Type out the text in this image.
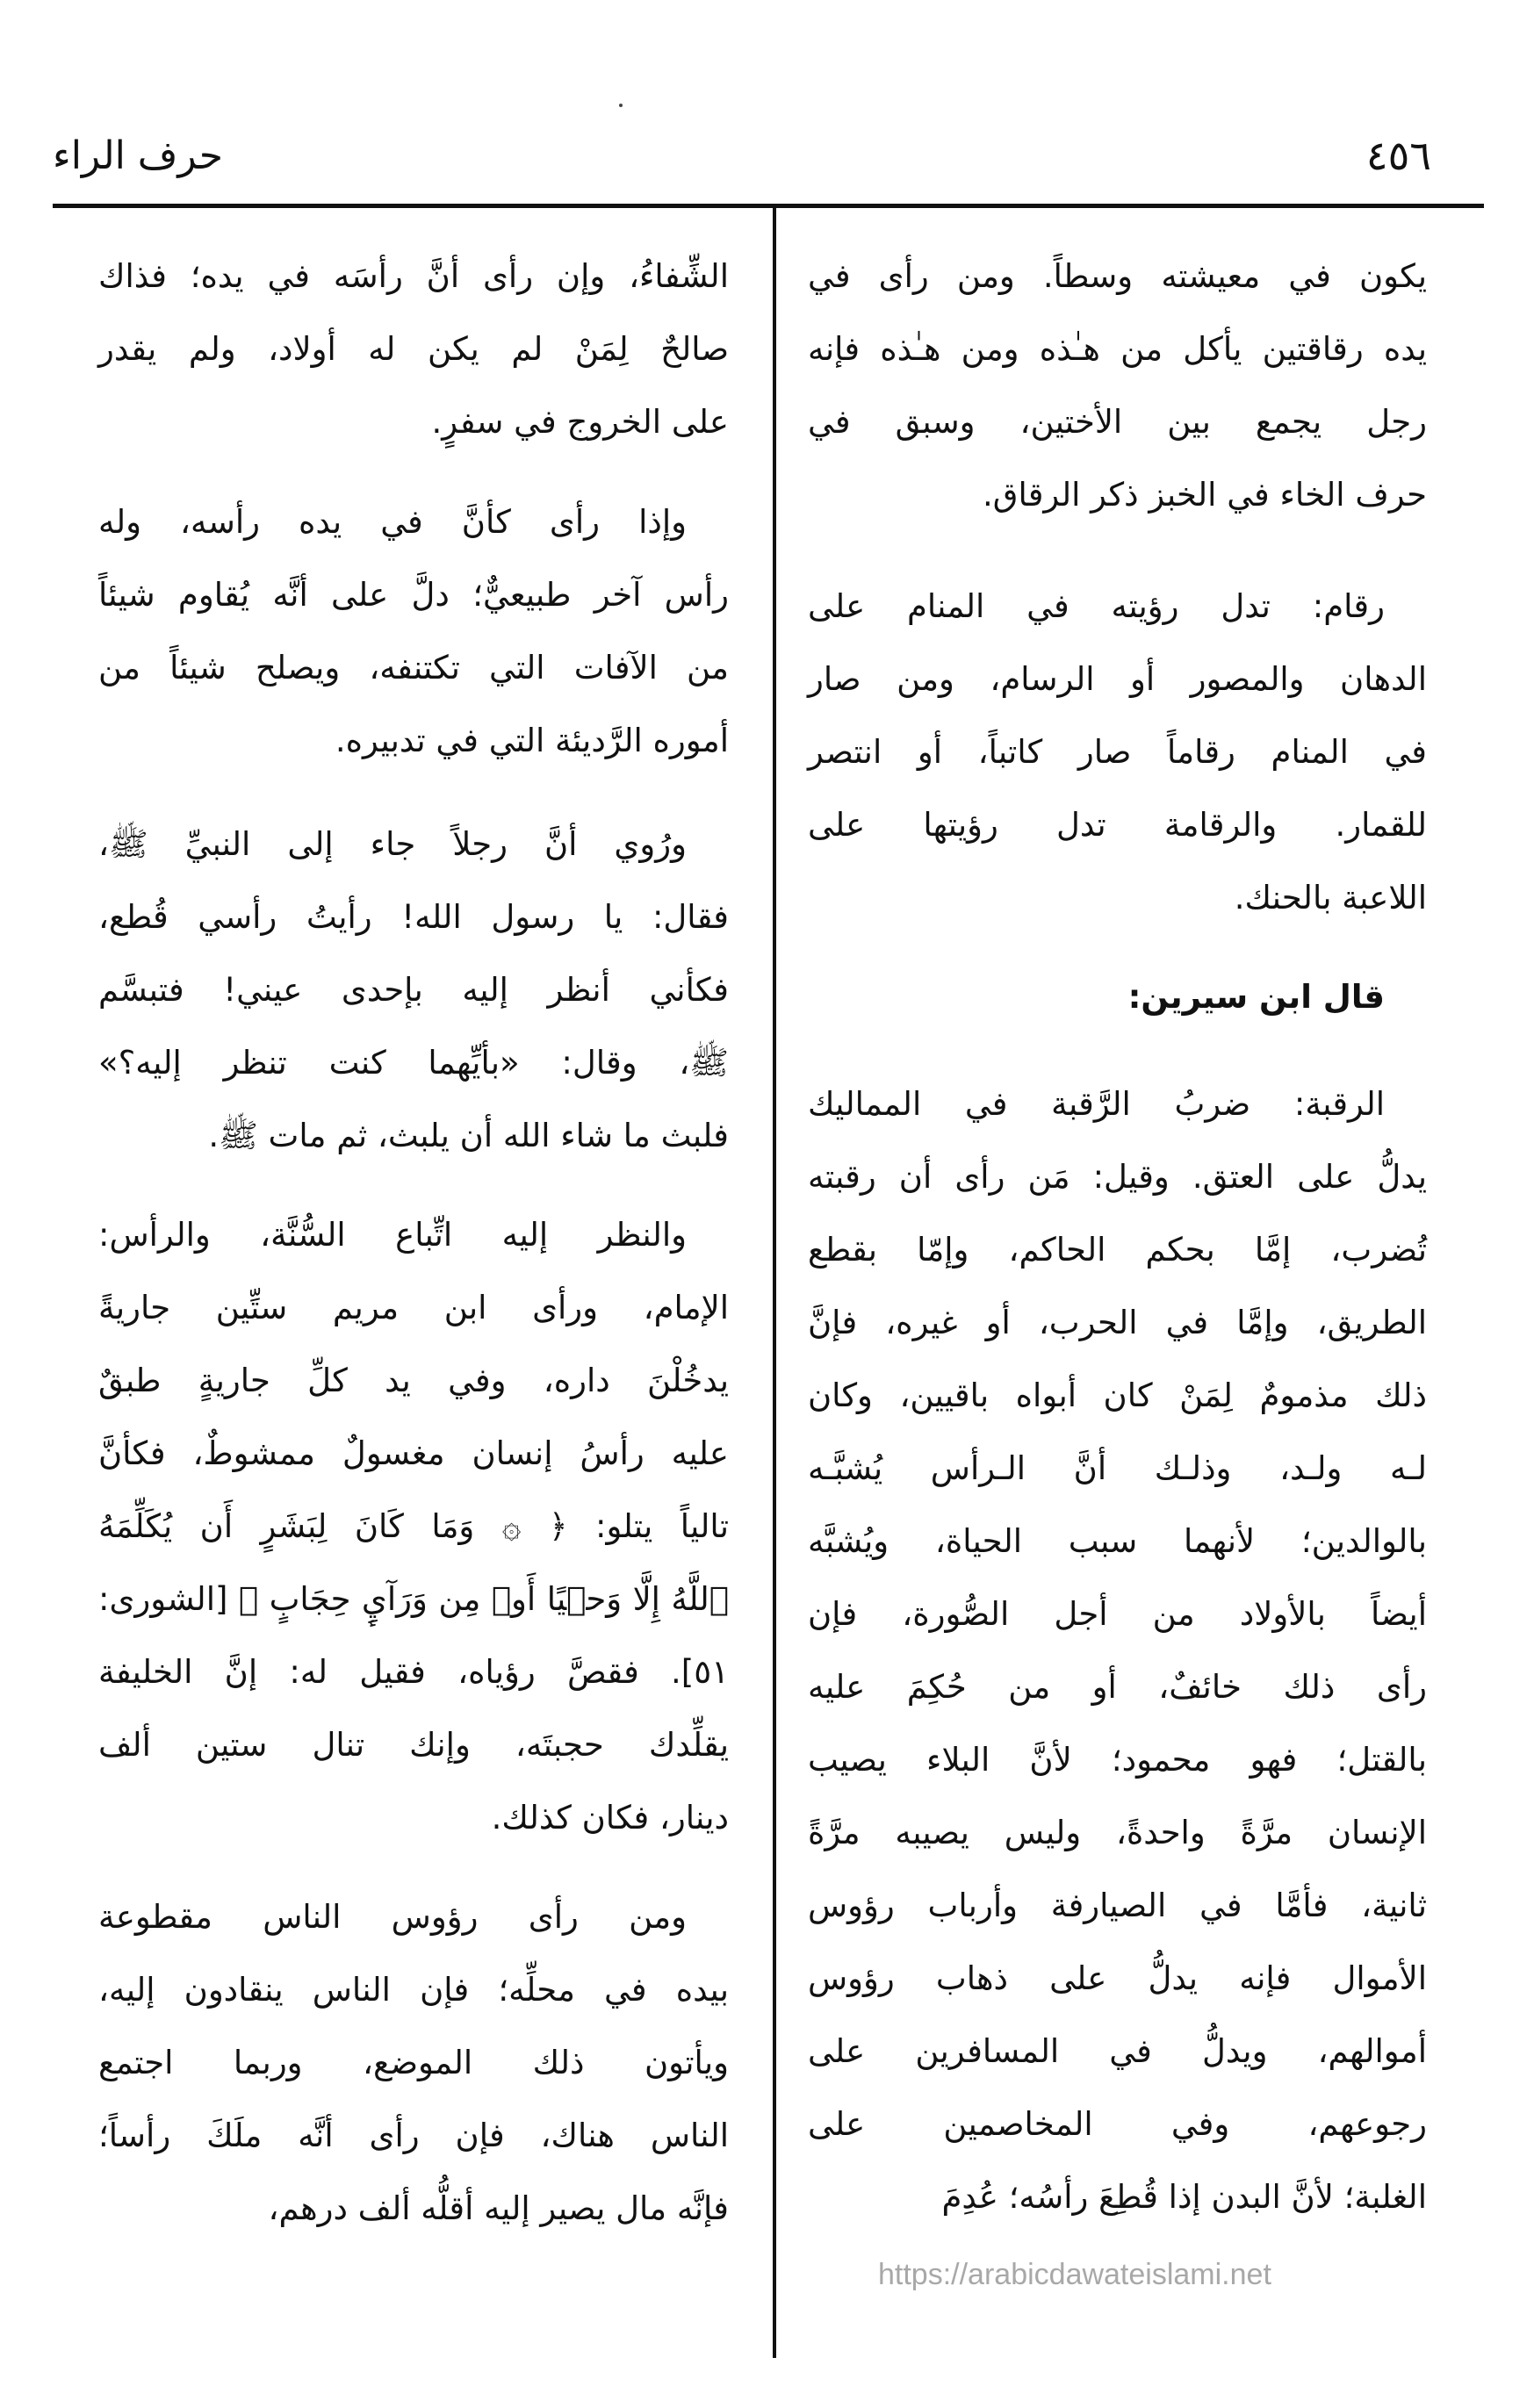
٤٥٦
حرف الراء
يكون في معيشته وسطاً. ومن رأى في
يده رقاقتين يأكل من هـٰذه ومن هـٰذه فإنه
رجل يجمع بين الأختين، وسبق في
حرف الخاء في الخبز ذكر الرقاق.
رقام: تدل رؤيته في المنام على
الدهان والمصور أو الرسام، ومن صار
في المنام رقاماً صار كاتباً، أو انتصر
للقمار. والرقامة تدل رؤيتها على
اللاعبة بالحنك.
قال ابن سيرين:
الرقبة: ضربُ الرَّقبة في المماليك
يدلُّ على العتق. وقيل: مَن رأى أن رقبته
تُضرب، إمَّا بحكم الحاكم، وإمّا بقطع
الطريق، وإمَّا في الحرب، أو غيره، فإنَّ
ذلك مذمومٌ لِمَنْ كان أبواه باقيين، وكان
لـه ولـد، وذلـك أنَّ الـرأس يُشبَّـه
بالوالدين؛ لأنهما سبب الحياة، ويُشبَّه
أيضاً بالأولاد من أجل الصُّورة، فإن
رأى ذلك خائفٌ، أو من حُكِمَ عليه
بالقتل؛ فهو محمود؛ لأنَّ البلاء يصيب
الإنسان مرَّةً واحدةً، وليس يصيبه مرَّةً
ثانية، فأمَّا في الصيارفة وأرباب رؤوس
الأموال فإنه يدلُّ على ذهاب رؤوس
أموالهم، ويدلُّ في المسافرين على
رجوعهم، وفي المخاصمين على
الغلبة؛ لأنَّ البدن إذا قُطِعَ رأسُه؛ عُدِمَ
الشِّفاءُ، وإن رأى أنَّ رأسَه في يده؛ فذاك
صالحٌ لِمَنْ لم يكن له أولاد، ولم يقدر
على الخروج في سفرٍ.
وإذا رأى كأنَّ في يده رأسه، وله
رأس آخر طبيعيٌّ؛ دلَّ على أنَّه يُقاوم شيئاً
من الآفات التي تكتنفه، ويصلح شيئاً من
أموره الرَّديئة التي في تدبيره.
ورُوي أنَّ رجلاً جاء إلى النبيِّ ﷺ،
فقال: يا رسول الله! رأيتُ رأسي قُطع،
فكأني أنظر إليه بإحدى عيني! فتبسَّم
ﷺ، وقال: «بأيِّهما كنت تنظر إليه؟»
فلبث ما شاء الله أن يلبث، ثم مات ﷺ.
والنظر إليه اتِّباع السُّنَّة، والرأس:
الإمام، ورأى ابن مريم ستِّين جاريةً
يدخُلْنَ داره، وفي يد كلِّ جاريةٍ طبقٌ
عليه رأسُ إنسان مغسولٌ ممشوطٌ، فكأنَّ
تالياً يتلو: ﴿ ۞ وَمَا كَانَ لِبَشَرٍ أَن يُكَلِّمَهُ
ٱللَّهُ إِلَّا وَحۡيًا أَوۡ مِن وَرَآيِٕ حِجَابٍ ﴾ [الشورى:
٥١]. فقصَّ رؤياه، فقيل له: إنَّ الخليفة
يقلِّدك حجبتَه، وإنك تنال ستين ألف
دينار، فكان كذلك.
ومن رأى رؤوس الناس مقطوعة
بيده في محلِّه؛ فإن الناس ينقادون إليه،
ويأتون ذلك الموضع، وربما اجتمع
الناس هناك، فإن رأى أنَّه ملَكَ رأساً؛
فإنَّه مال يصير إليه أقلُّه ألف درهم،
https://arabicdawateislami.net
